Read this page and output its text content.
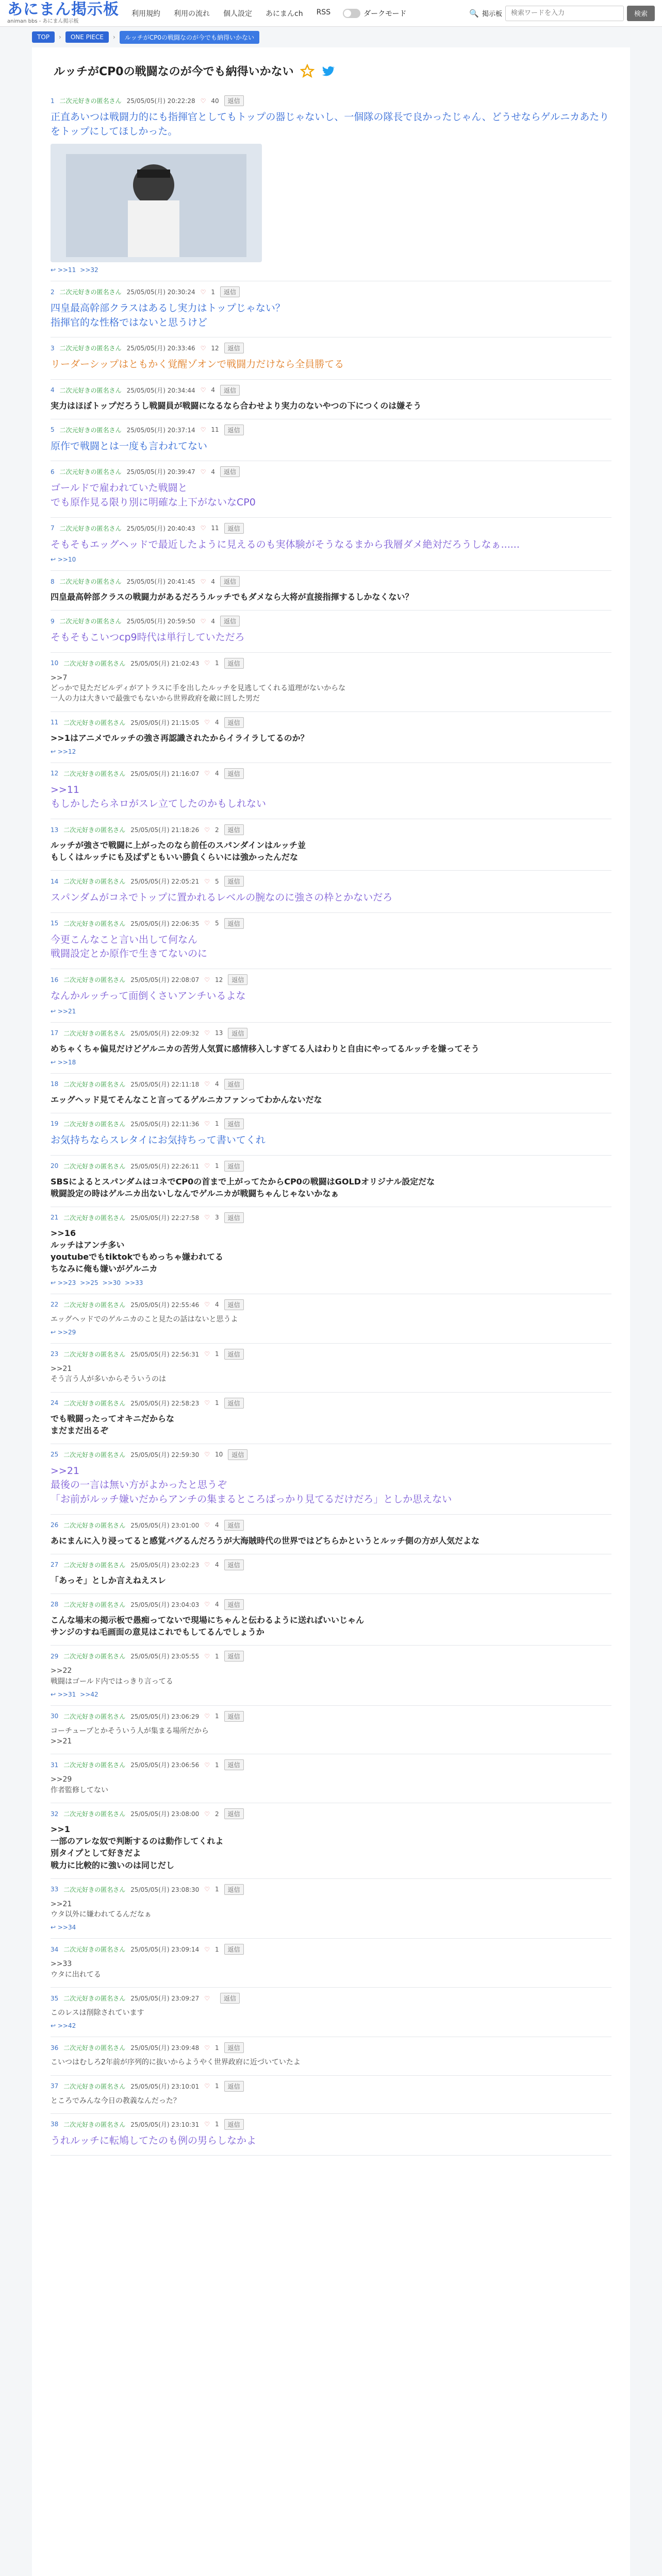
あにまん掲示板
animan bbs - あにまん掲示板
利用規約 利用の流れ 個人設定 あにまんch RSS	ダークモード	🔍 掲示板
検索ワードを入力	検索
TOP	›	ONE PIECE	›	ルッチがCP0の戦闘なのが今でも納得いかない
ルッチがCP0の戦闘なのが今でも納得いかない
1 二次元好きの匿名さん 25/05/05(月) 20:22:28 ♡ 40	返信
正直あいつは戦闘力的にも指揮官としてもトップの器じゃないし、一個隊の隊長で良かったじゃん、どうせならゲルニカあたりをトップにしてほしかった。
↩ >>11 >>32
2 二次元好きの匿名さん 25/05/05(月) 20:30:24 ♡ 1	返信
四皇最高幹部クラスはあるし実力はトップじゃない？
指揮官的な性格ではないと思うけど
3 二次元好きの匿名さん 25/05/05(月) 20:33:46 ♡ 12	返信
リーダーシップはともかく覚醒ゾオンで戦闘力だけなら全員勝てる
4 二次元好きの匿名さん 25/05/05(月) 20:34:44 ♡ 4	返信
実力はほぼトップだろうし戦闘員が戦闘になるなら合わせより実力のないやつの下につくのは嫌そう
5 二次元好きの匿名さん 25/05/05(月) 20:37:14 ♡ 11	返信
原作で戦闘とは一度も言われてない
6 二次元好きの匿名さん 25/05/05(月) 20:39:47 ♡ 4	返信
ゴールドで雇われていた戦闘と
でも原作見る限り別に明確な上下がないなCP0
7 二次元好きの匿名さん 25/05/05(月) 20:40:43 ♡ 11	返信
そもそもエッグヘッドで最近したように見えるのも実体験がそうなるまから我層ダメ絶対だろうしなぁ......
↩ >>10
8 二次元好きの匿名さん 25/05/05(月) 20:41:45 ♡ 4	返信
四皇最高幹部クラスの戦闘力があるだろうルッチでもダメなら大将が直接指揮するしかなくない？
9 二次元好きの匿名さん 25/05/05(月) 20:59:50 ♡ 4	返信
そもそもこいつcp9時代は単行していただろ
10 二次元好きの匿名さん 25/05/05(月) 21:02:43 ♡ 1	返信
>>7
どっかで見ただビルディがアトラスに手を出したルッチを見逃してくれる道理がないからな
一人の力は大きいで最強でもないから世界政府を敵に回した男だ
11 二次元好きの匿名さん 25/05/05(月) 21:15:05 ♡ 4	返信
>>1はアニメでルッチの強さ再認識されたからイライラしてるのか？
↩ >>12
12 二次元好きの匿名さん 25/05/05(月) 21:16:07 ♡ 4	返信
>>11
もしかしたらネロがスレ立てしたのかもしれない
13 二次元好きの匿名さん 25/05/05(月) 21:18:26 ♡ 2	返信
ルッチが強さで戦闘に上がったのなら前任のスパンダインはルッチ並
もしくはルッチにも及ばずともいい勝負くらいには強かったんだな
14 二次元好きの匿名さん 25/05/05(月) 22:05:21 ♡ 5	返信
スパンダムがコネでトップに置かれるレベルの腕なのに強さの枠とかないだろ
15 二次元好きの匿名さん 25/05/05(月) 22:06:35 ♡ 5	返信
今更こんなこと言い出して何なん
戦闘設定とか原作で生きてないのに
16 二次元好きの匿名さん 25/05/05(月) 22:08:07 ♡ 12	返信
なんかルッチって面倒くさいアンチいるよな
↩ >>21
17 二次元好きの匿名さん 25/05/05(月) 22:09:32 ♡ 13	返信
めちゃくちゃ偏見だけどゲルニカの苦労人気質に感情移入しすぎてる人はわりと自由にやってるルッチを嫌ってそう
↩ >>18
18 二次元好きの匿名さん 25/05/05(月) 22:11:18 ♡ 4	返信
エッグヘッド見てそんなこと言ってるゲルニカファンってわかんないだな
19 二次元好きの匿名さん 25/05/05(月) 22:11:36 ♡ 1	返信
お気持ちならスレタイにお気持ちって書いてくれ
20 二次元好きの匿名さん 25/05/05(月) 22:26:11 ♡ 1	返信
SBSによるとスパンダムはコネでCP0の首まで上がってたからCP0の戦闘はGOLDオリジナル設定だな
戦闘設定の時はゲルニカ出ないしなんでゲルニカが戦闘ちゃんじゃないかなぁ
21 二次元好きの匿名さん 25/05/05(月) 22:27:58 ♡ 3	返信
>>16
ルッチはアンチ多い
youtubeでもtiktokでもめっちゃ嫌われてる
ちなみに俺も嫌いがゲルニカ
↩ >>23 >>25 >>30 >>33
22 二次元好きの匿名さん 25/05/05(月) 22:55:46 ♡ 4	返信
エッグヘッドでのゲルニカのこと見たの話はないと思うよ
↩ >>29
23 二次元好きの匿名さん 25/05/05(月) 22:56:31 ♡ 1	返信
>>21
そう言う人が多いからそういうのは
24 二次元好きの匿名さん 25/05/05(月) 22:58:23 ♡ 1	返信
でも戦闘ったってオキニだからな
まだまだ出るぞ
25 二次元好きの匿名さん 25/05/05(月) 22:59:30 ♡ 10	返信
>>21
最後の一言は無い方がよかったと思うぞ
「お前がルッチ嫌いだからアンチの集まるところばっかり見てるだけだろ」としか思えない
26 二次元好きの匿名さん 25/05/05(月) 23:01:00 ♡ 4	返信
あにまんに入り浸ってると感覚バグるんだろうが大海賊時代の世界ではどちらかというとルッチ側の方が人気だよな
27 二次元好きの匿名さん 25/05/05(月) 23:02:23 ♡ 4	返信
「あっそ」としか言えねえスレ
28 二次元好きの匿名さん 25/05/05(月) 23:04:03 ♡ 4	返信
こんな場末の掲示板で愚痴ってないで現場にちゃんと伝わるように送ればいいじゃん
サンジのすね毛画面の意見はこれでもしてるんでしょうか
29 二次元好きの匿名さん 25/05/05(月) 23:05:55 ♡ 1	返信
>>22
戦闘はゴールド内ではっきり言ってる
↩ >>31 >>42
30 二次元好きの匿名さん 25/05/05(月) 23:06:29 ♡ 1	返信
コーチュープとかそういう人が集まる場所だから
>>21
31 二次元好きの匿名さん 25/05/05(月) 23:06:56 ♡ 1	返信
>>29
作者監修してない
32 二次元好きの匿名さん 25/05/05(月) 23:08:00 ♡ 2	返信
>>1
一部のアレな奴で判断するのは動作してくれよ
別タイプとして好きだよ
戦力に比較的に強いのは同じだし
33 二次元好きの匿名さん 25/05/05(月) 23:08:30 ♡ 1	返信
>>21
ウタ以外に嫌われてるんだなぁ
↩ >>34
34 二次元好きの匿名さん 25/05/05(月) 23:09:14 ♡ 1	返信
>>33
ウタに出れてる
35 二次元好きの匿名さん 25/05/05(月) 23:09:27 ♡	返信
このレスは削除されています
↩ >>42
36 二次元好きの匿名さん 25/05/05(月) 23:09:48 ♡ 1	返信
こいつはむしろ2年前が序列的に抜いからようやく世界政府に近づいていたよ
37 二次元好きの匿名さん 25/05/05(月) 23:10:01 ♡ 1	返信
ところでみんな今日の教義なんだった？
38 二次元好きの匿名さん 25/05/05(月) 23:10:31 ♡ 1	返信
うれルッチに転鳩してたのも例の男らしなかよ
